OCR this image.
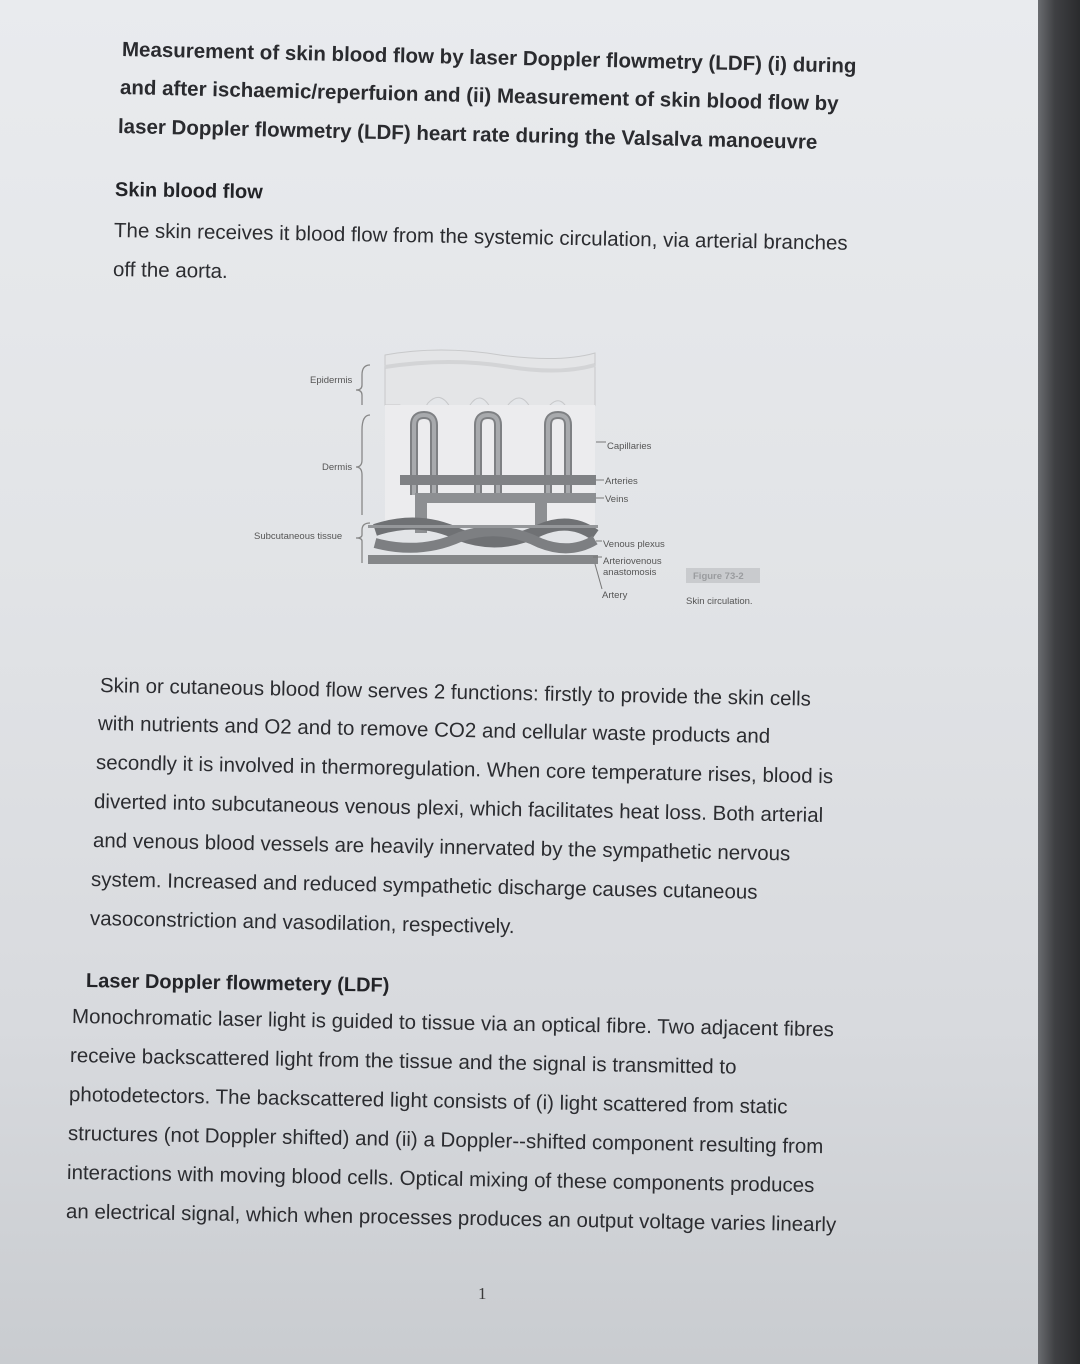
Measurement of skin blood flow by laser Doppler flowmetry (LDF) (i) during
and after ischaemic/reperfuion and (ii) Measurement of skin blood flow by
laser Doppler flowmetry (LDF) heart rate during the Valsalva manoeuvre
Skin blood flow
The skin receives it blood flow from the systemic circulation, via arterial branches
off the aorta.
Epidermis
Dermis
Subcutaneous tissue
Capillaries
Arteries
Veins
Venous plexus
Arteriovenous
anastomosis
Artery
Figure 73-2
Skin circulation.
Skin or cutaneous blood flow serves 2 functions: firstly to provide the skin cells
with nutrients and O2 and to remove CO2 and cellular waste products and
secondly it is involved in thermoregulation. When core temperature rises, blood is
diverted into subcutaneous venous plexi, which facilitates heat loss. Both arterial
and venous blood vessels are heavily innervated by the sympathetic nervous
system. Increased and reduced sympathetic discharge causes cutaneous
vasoconstriction and vasodilation, respectively.
Laser Doppler flowmetery (LDF)
Monochromatic laser light is guided to tissue via an optical fibre. Two adjacent fibres
receive backscattered light from the tissue and the signal is transmitted to
photodetectors. The backscattered light consists of (i) light scattered from static
structures (not Doppler shifted) and (ii) a Doppler--shifted component resulting from
interactions with moving blood cells. Optical mixing of these components produces
an electrical signal, which when processes produces an output voltage varies linearly
1
